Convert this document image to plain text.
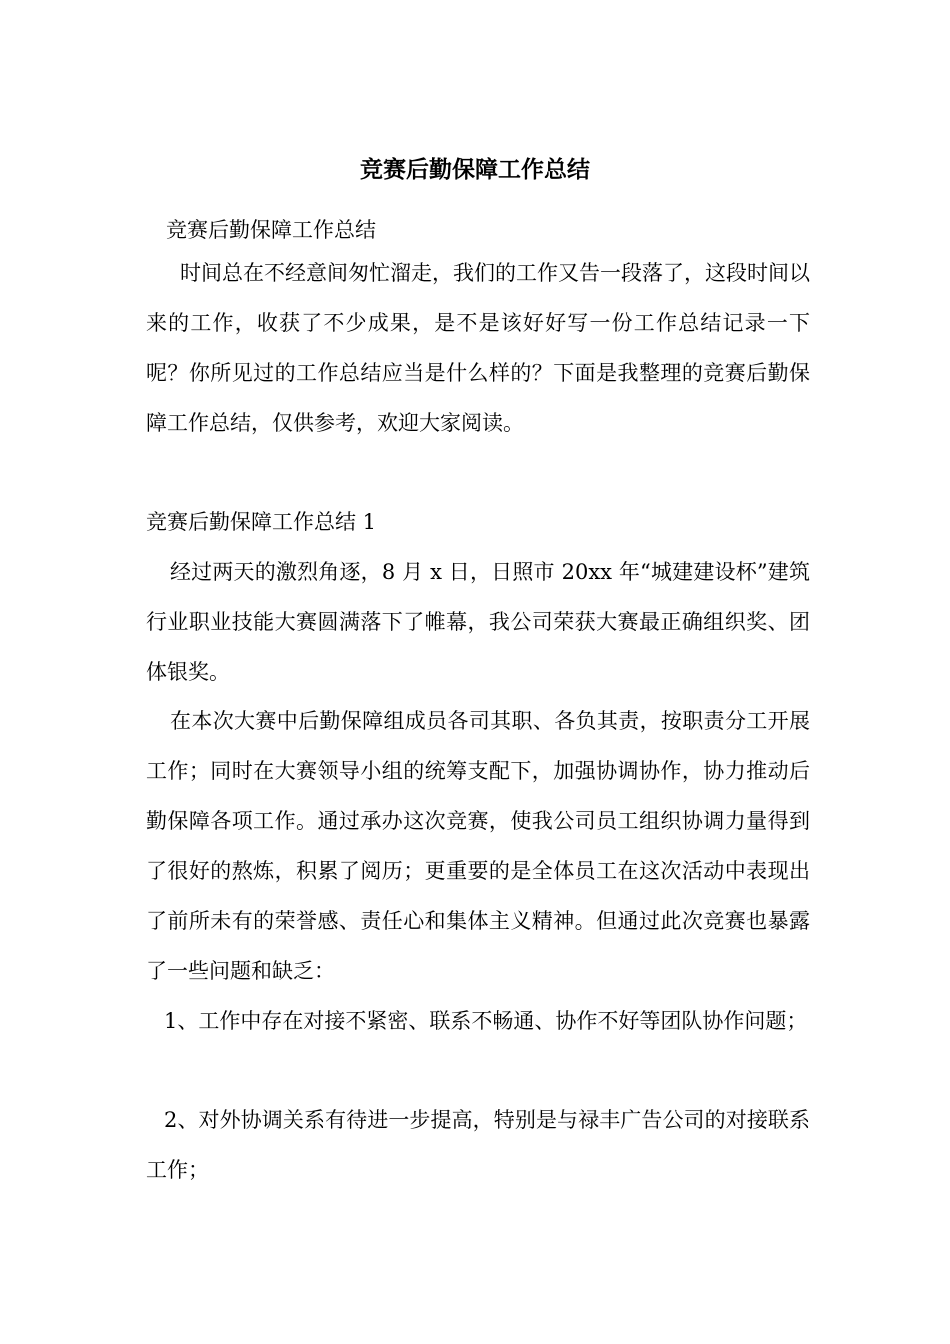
竞赛后勤保障工作总结

竞赛后勤保障工作总结

时间总在不经意间匆忙溜走，我们的工作又告一段落了，这段时间以来的工作，收获了不少成果，是不是该好好写一份工作总结记录一下呢？你所见过的工作总结应当是什么样的？下面是我整理的竞赛后勤保障工作总结，仅供参考，欢迎大家阅读。

竞赛后勤保障工作总结 1

经过两天的激烈角逐，8 月 x 日，日照市 20xx 年“城建建设杯”建筑行业职业技能大赛圆满落下了帷幕，我公司荣获大赛最正确组织奖、团体银奖。

在本次大赛中后勤保障组成员各司其职、各负其责，按职责分工开展工作；同时在大赛领导小组的统筹支配下，加强协调协作，协力推动后勤保障各项工作。通过承办这次竞赛，使我公司员工组织协调力量得到了很好的熬炼，积累了阅历；更重要的是全体员工在这次活动中表现出了前所未有的荣誉感、责任心和集体主义精神。但通过此次竞赛也暴露了一些问题和缺乏：

1、工作中存在对接不紧密、联系不畅通、协作不好等团队协作问题；

2、对外协调关系有待进一步提高，特别是与禄丰广告公司的对接联系工作；
